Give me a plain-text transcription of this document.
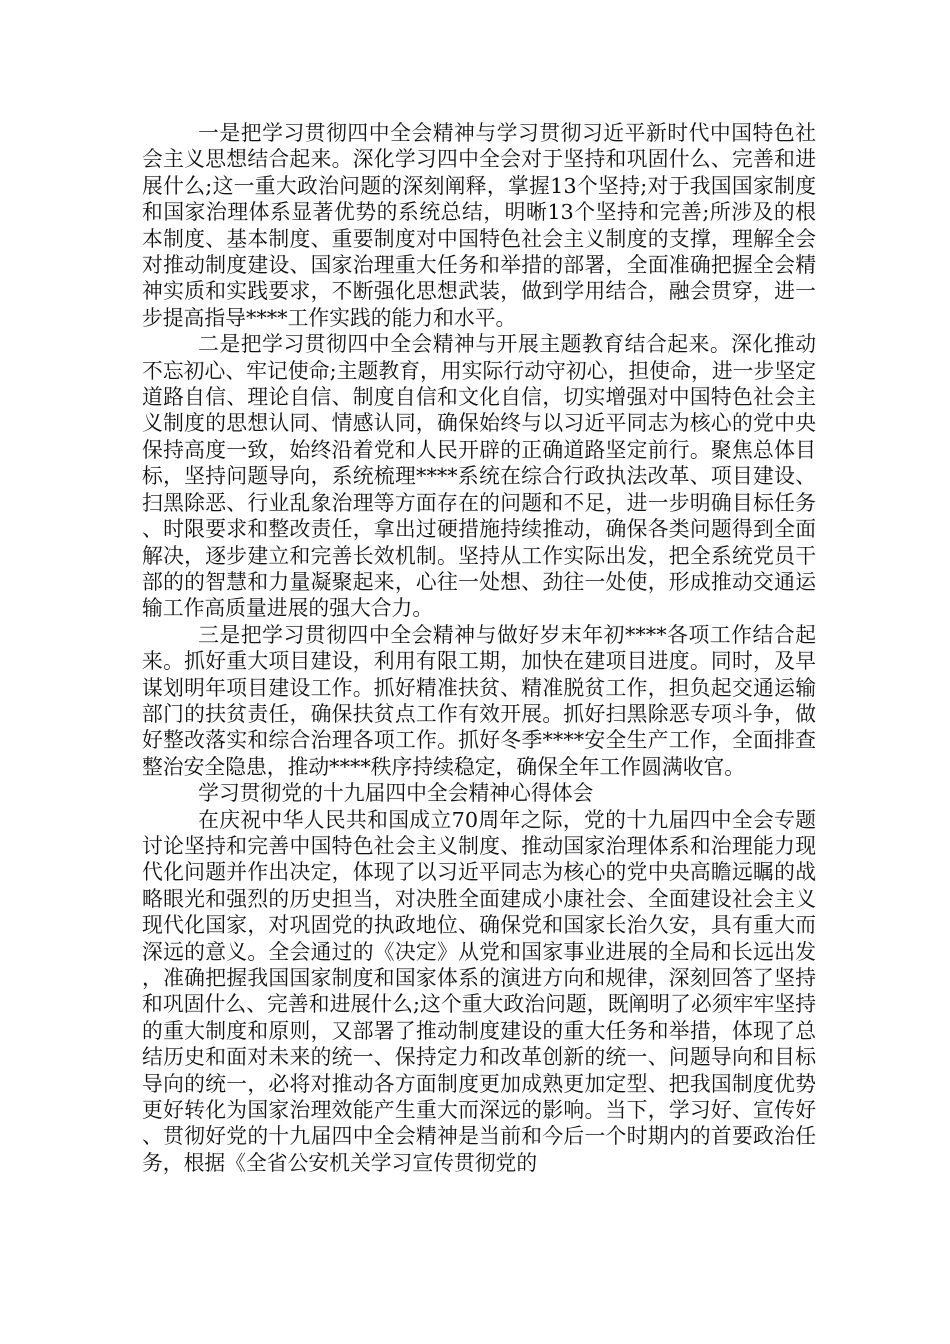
一是把学习贯彻四中全会精神与学习贯彻习近平新时代中国特色社会主义思想结合起来。深化学习四中全会对于坚持和巩固什么、完善和进展什么;这一重大政治问题的深刻阐释，掌握13个坚持;对于我国国家制度和国家治理体系显著优势的系统总结，明晰13个坚持和完善;所涉及的根本制度、基本制度、重要制度对中国特色社会主义制度的支撑，理解全会对推动制度建设、国家治理重大任务和举措的部署，全面准确把握全会精神实质和实践要求，不断强化思想武装，做到学用结合，融会贯穿，进一步提高指导****工作实践的能力和水平。

二是把学习贯彻四中全会精神与开展主题教育结合起来。深化推动不忘初心、牢记使命;主题教育，用实际行动守初心，担使命，进一步坚定道路自信、理论自信、制度自信和文化自信，切实增强对中国特色社会主义制度的思想认同、情感认同，确保始终与以习近平同志为核心的党中央保持高度一致，始终沿着党和人民开辟的正确道路坚定前行。聚焦总体目标，坚持问题导向，系统梳理****系统在综合行政执法改革、项目建设、扫黑除恶、行业乱象治理等方面存在的问题和不足，进一步明确目标任务、时限要求和整改责任，拿出过硬措施持续推动，确保各类问题得到全面解决，逐步建立和完善长效机制。坚持从工作实际出发，把全系统党员干部的的智慧和力量凝聚起来，心往一处想、劲往一处使，形成推动交通运输工作高质量进展的强大合力。

三是把学习贯彻四中全会精神与做好岁末年初****各项工作结合起来。抓好重大项目建设，利用有限工期，加快在建项目进度。同时，及早谋划明年项目建设工作。抓好精准扶贫、精准脱贫工作，担负起交通运输部门的扶贫责任，确保扶贫点工作有效开展。抓好扫黑除恶专项斗争，做好整改落实和综合治理各项工作。抓好冬季****安全生产工作，全面排查整治安全隐患，推动****秩序持续稳定，确保全年工作圆满收官。

学习贯彻党的十九届四中全会精神心得体会

在庆祝中华人民共和国成立70周年之际，党的十九届四中全会专题讨论坚持和完善中国特色社会主义制度、推动国家治理体系和治理能力现代化问题并作出决定，体现了以习近平同志为核心的党中央高瞻远瞩的战略眼光和强烈的历史担当，对决胜全面建成小康社会、全面建设社会主义现代化国家，对巩固党的执政地位、确保党和国家长治久安，具有重大而深远的意义。全会通过的《决定》从党和国家事业进展的全局和长远出发，准确把握我国国家制度和国家体系的演进方向和规律，深刻回答了坚持和巩固什么、完善和进展什么;这个重大政治问题，既阐明了必须牢牢坚持的重大制度和原则，又部署了推动制度建设的重大任务和举措，体现了总结历史和面对未来的统一、保持定力和改革创新的统一、问题导向和目标导向的统一，必将对推动各方面制度更加成熟更加定型、把我国制度优势更好转化为国家治理效能产生重大而深远的影响。当下，学习好、宣传好、贯彻好党的十九届四中全会精神是当前和今后一个时期内的首要政治任务，根据《全省公安机关学习宣传贯彻党的
